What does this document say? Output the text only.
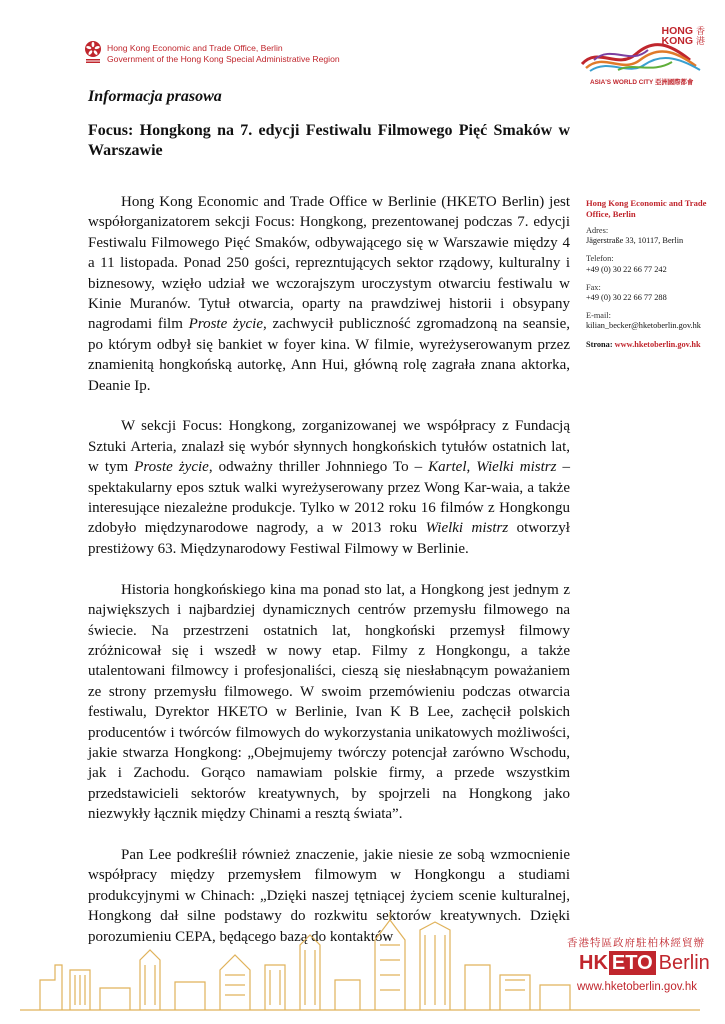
Hong Kong Economic and Trade Office, Berlin
Government of the Hong Kong Special Administrative Region
HONG
KONG
香
港
ASIA'S WORLD CITY 亞洲國際都會
Informacja prasowa
Focus: Hongkong na 7. edycji Festiwalu Filmowego Pięć Smaków w Warszawie

Hong Kong Economic and Trade Office w Berlinie (HKETO Berlin) jest współorganizatorem sekcji Focus: Hongkong, prezentowanej podczas 7. edycji Festiwalu Filmowego Pięć Smaków, odbywającego się w Warszawie między 4 a 11 listopada. Ponad 250 gości, reprezntujących sektor rządowy, kulturalny i biznesowy, wzięło udział we wczorajszym uroczystym otwarciu festiwalu w Kinie Muranów. Tytuł otwarcia, oparty na prawdziwej historii i obsypany nagrodami film Proste życie, zachwycił publiczność zgromadzoną na seansie, po którym odbył się bankiet w foyer kina. W filmie, wyreżyserowanym przez znamienitą hongkońską autorkę, Ann Hui, główną rolę zagrała znana aktorka, Deanie Ip.

W sekcji Focus: Hongkong, zorganizowanej we współpracy z Fundacją Sztuki Arteria, znalazł się wybór słynnych hongkońskich tytułów ostatnich lat, w tym Proste życie, odważny thriller Johnniego To – Kartel, Wielki mistrz – spektakularny epos sztuk walki wyreżyserowany przez Wong Kar-waia, a także interesujące niezależne produkcje. Tylko w 2012 roku 16 filmów z Hongkongu zdobyło międzynarodowe nagrody, a w 2013 roku Wielki mistrz otworzył prestiżowy 63. Międzynarodowy Festiwal Filmowy w Berlinie.

Historia hongkońskiego kina ma ponad sto lat, a Hongkong jest jednym z największych i najbardziej dynamicznych centrów przemysłu filmowego na świecie. Na przestrzeni ostatnich lat, hongkoński przemysł filmowy zróżnicował się i wszedł w nowy etap. Filmy z Hongkongu, a także utalentowani filmowcy i profesjonaliści, cieszą się niesłabnącym poważaniem ze strony przemysłu filmowego. W swoim przemówieniu podczas otwarcia festiwalu, Dyrektor HKETO w Berlinie, Ivan K B Lee, zachęcił polskich producentów i twórców filmowych do wykorzystania unikatowych możliwości, jakie stwarza Hongkong: „Obejmujemy twórczy potencjał zarówno Wschodu, jak i Zachodu. Gorąco namawiam polskie firmy, a przede wszystkim przedstawicieli sektorów kreatywnych, by spojrzeli na Hongkong jako niezwykły łącznik między Chinami a resztą świata”.

Pan Lee podkreślił również znaczenie, jakie niesie ze sobą wzmocnienie współpracy między przemysłem filmowym w Hongkongu a studiami produkcyjnymi w Chinach: „Dzięki naszej tętniącej życiem scenie kulturalnej, Hongkong dał silne podstawy do rozkwitu sektorów kreatywnych. Dzięki porozumieniu CEPA, będącego bazą do kontaktów

Hong Kong Economic and Trade Office, Berlin
Adres:
Jägerstraße 33, 10117, Berlin
Telefon:
+49 (0) 30 22 66 77 242
Fax:
+49 (0) 30 22 66 77 288
E-mail:
kilian_becker@hketoberlin.gov.hk
Strona: www.hketoberlin.gov.hk
香港特區政府駐柏林經貿辦
HK ETO Berlin
www.hketoberlin.gov.hk
